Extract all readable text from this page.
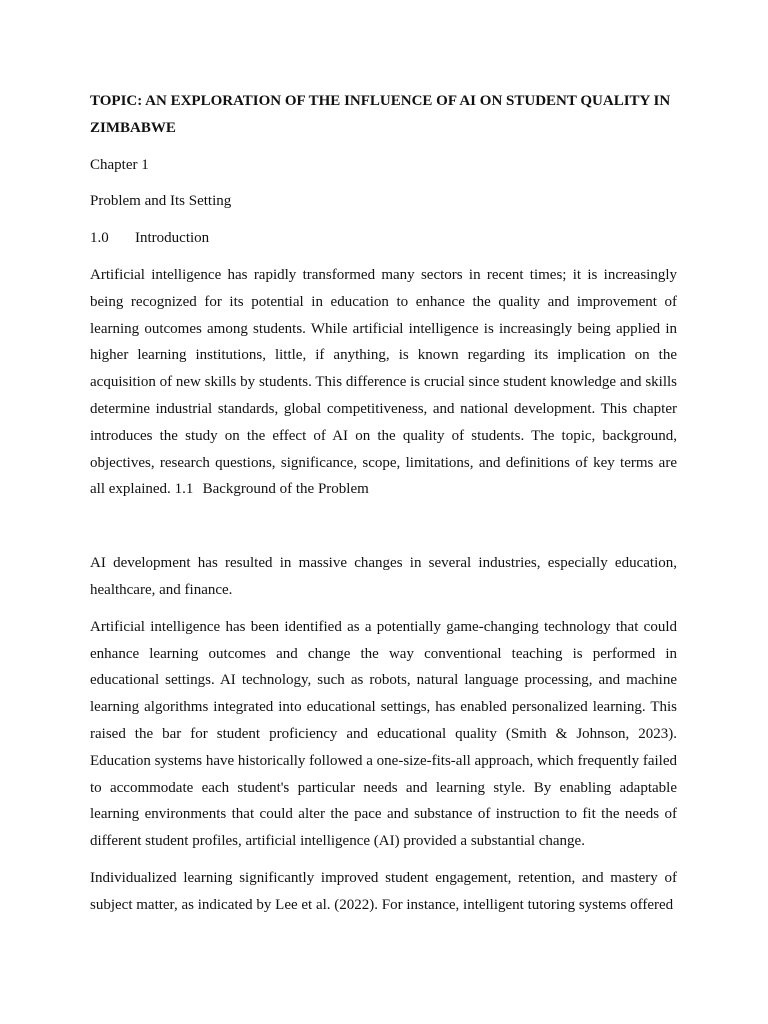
TOPIC: AN EXPLORATION OF THE INFLUENCE OF AI ON STUDENT QUALITY IN ZIMBABWE

Chapter 1

Problem and Its Setting

1.0 Introduction

Artificial intelligence has rapidly transformed many sectors in recent times; it is increasingly being recognized for its potential in education to enhance the quality and improvement of learning outcomes among students. While artificial intelligence is increasingly being applied in higher learning institutions, little, if anything, is known regarding its implication on the acquisition of new skills by students. This difference is crucial since student knowledge and skills determine industrial standards, global competitiveness, and national development. This chapter introduces the study on the effect of AI on the quality of students. The topic, background, objectives, research questions, significance, scope, limitations, and definitions of key terms are all explained. 1.1 Background of the Problem

AI development has resulted in massive changes in several industries, especially education, healthcare, and finance.

Artificial intelligence has been identified as a potentially game-changing technology that could enhance learning outcomes and change the way conventional teaching is performed in educational settings. AI technology, such as robots, natural language processing, and machine learning algorithms integrated into educational settings, has enabled personalized learning. This raised the bar for student proficiency and educational quality (Smith & Johnson, 2023). Education systems have historically followed a one-size-fits-all approach, which frequently failed to accommodate each student's particular needs and learning style. By enabling adaptable learning environments that could alter the pace and substance of instruction to fit the needs of different student profiles, artificial intelligence (AI) provided a substantial change.

Individualized learning significantly improved student engagement, retention, and mastery of subject matter, as indicated by Lee et al. (2022). For instance, intelligent tutoring systems offered
